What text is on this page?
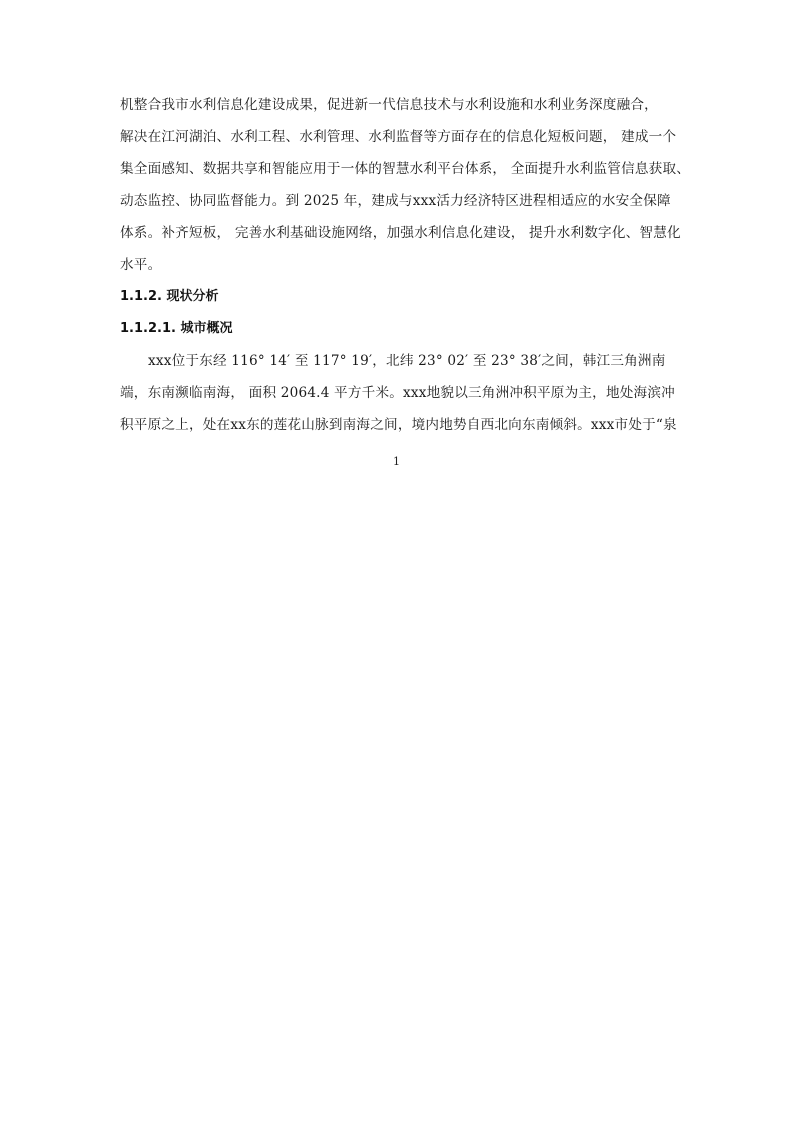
机整合我市水利信息化建设成果，促进新一代信息技术与水利设施和水利业务深度融合，
解决在江河湖泊、水利工程、水利管理、水利监督等方面存在的信息化短板问题， 建成一个
集全面感知、数据共享和智能应用于一体的智慧水利平台体系， 全面提升水利监管信息获取、
动态监控、协同监督能力。到 2025 年，建成与xxx活力经济特区进程相适应的水安全保障
体系。补齐短板， 完善水利基础设施网络，加强水利信息化建设， 提升水利数字化、智慧化
水平。
1.1.2. 现状分析
1.1.2.1. 城市概况
xxx位于东经 116° 14′ 至 117° 19′，北纬 23° 02′ 至 23° 38′之间，韩江三角洲南
端，东南濒临南海， 面积 2064.4 平方千米。xxx地貌以三角洲冲积平原为主，地处海滨冲
积平原之上，处在xx东的莲花山脉到南海之间，境内地势自西北向东南倾斜。xxx市处于“泉
1
